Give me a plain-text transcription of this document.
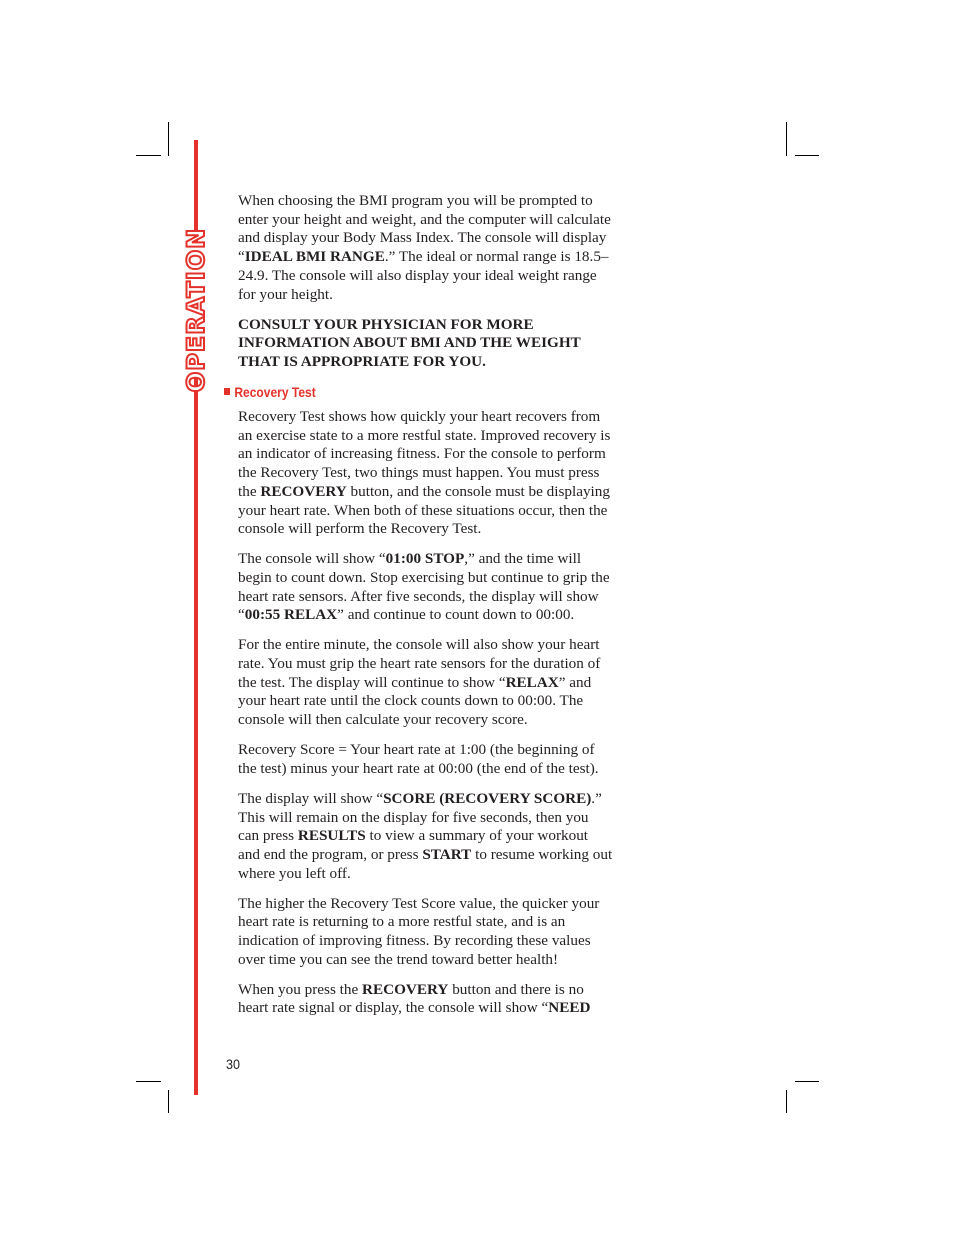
OPERATION

When choosing the BMI program you will be prompted to enter your height and weight, and the computer will calculate and display your Body Mass Index. The console will display “IDEAL BMI RANGE.” The ideal or normal range is 18.5–24.9. The console will also display your ideal weight range for your height.

CONSULT YOUR PHYSICIAN FOR MORE INFORMATION ABOUT BMI AND THE WEIGHT THAT IS APPROPRIATE FOR YOU.

Recovery Test

Recovery Test shows how quickly your heart recovers from an exercise state to a more restful state. Improved recovery is an indicator of increasing fitness. For the console to perform the Recovery Test, two things must happen. You must press the RECOVERY button, and the console must be displaying your heart rate. When both of these situations occur, then the console will perform the Recovery Test.

The console will show “01:00 STOP,” and the time will begin to count down. Stop exercising but continue to grip the heart rate sensors. After five seconds, the display will show “00:55 RELAX” and continue to count down to 00:00.

For the entire minute, the console will also show your heart rate. You must grip the heart rate sensors for the duration of the test. The display will continue to show “RELAX” and your heart rate until the clock counts down to 00:00. The console will then calculate your recovery score.

Recovery Score = Your heart rate at 1:00 (the beginning of the test) minus your heart rate at 00:00 (the end of the test).

The display will show “SCORE (RECOVERY SCORE).” This will remain on the display for five seconds, then you can press RESULTS to view a summary of your workout and end the program, or press START to resume working out where you left off.

The higher the Recovery Test Score value, the quicker your heart rate is returning to a more restful state, and is an indication of improving fitness. By recording these values over time you can see the trend toward better health!

When you press the RECOVERY button and there is no heart rate signal or display, the console will show “NEED

30
